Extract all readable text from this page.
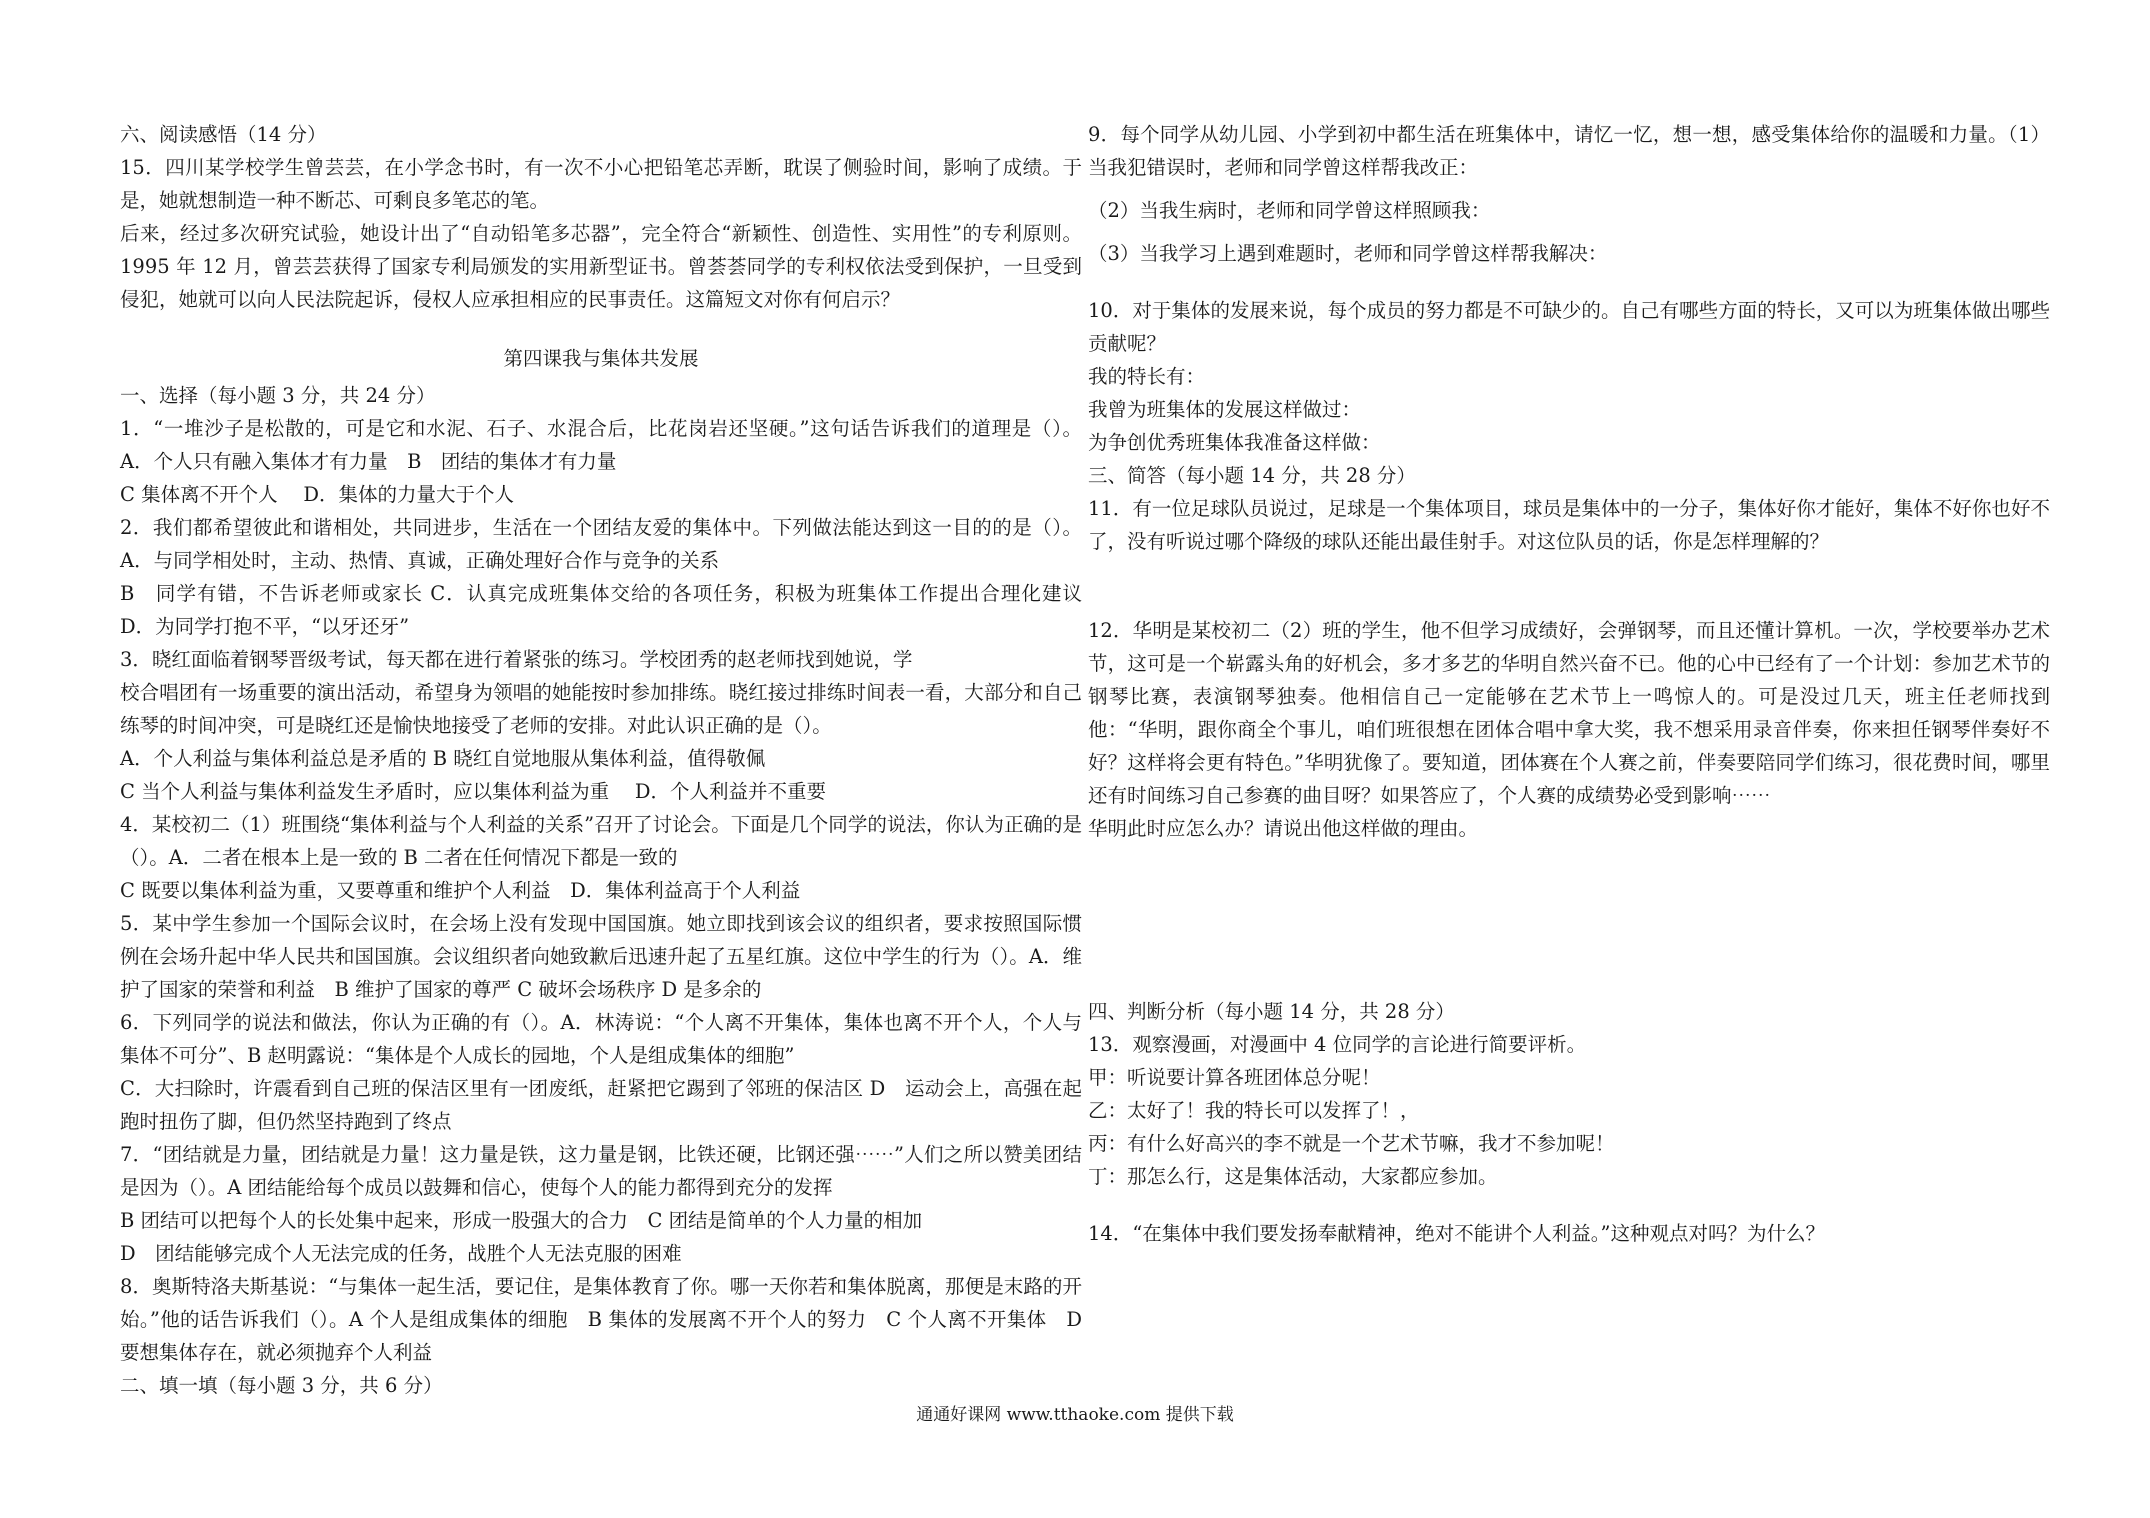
六、阅读感悟（14 分）

15．四川某学校学生曾芸芸，在小学念书时，有一次不小心把铅笔芯弄断，耽误了侧验时间，影响了成绩。于是，她就想制造一种不断芯、可剩良多笔芯的笔。

后来，经过多次研究试验，她设计出了“自动铅笔多芯器”，完全符合“新颖性、创造性、实用性”的专利原则。1995 年 12 月，曾芸芸获得了国家专利局颁发的实用新型证书。曾荟荟同学的专利权依法受到保护，一旦受到侵犯，她就可以向人民法院起诉，侵权人应承担相应的民事责任。这篇短文对你有何启示？

第四课我与集体共发展

一、选择（每小题 3 分，共 24 分）

1．“一堆沙子是松散的，可是它和水泥、石子、水混合后，比花岗岩还坚硬。”这句话告诉我们的道理是（）。A．个人只有融入集体才有力量　B　团结的集体才有力量

C 集体离不开个人　 D．集体的力量大于个人

2．我们都希望彼此和谐相处，共同进步，生活在一个团结友爱的集体中。下列做法能达到这一目的的是（）。A．与同学相处时，主动、热情、真诚，正确处理好合作与竞争的关系

B　同学有错，不告诉老师或家长 C．认真完成班集体交给的各项任务，积极为班集体工作提出合理化建议　D．为同学打抱不平，“以牙还牙”

3．晓红面临着钢琴晋级考试，每天都在进行着紧张的练习。学校团秀的赵老师找到她说，学

校合唱团有一场重要的演出活动，希望身为领唱的她能按时参加排练。晓红接过排练时间表一看，大部分和自己练琴的时间冲突，可是晓红还是愉快地接受了老师的安排。对此认识正确的是（）。

A．个人利益与集体利益总是矛盾的 B 晓红自觉地服从集体利益，值得敬佩

C 当个人利益与集体利益发生矛盾时，应以集体利益为重　 D．个人利益并不重要

4．某校初二（1）班围绕“集体利益与个人利益的关系”召开了讨论会。下面是几个同学的说法，你认为正确的是（）。A．二者在根本上是一致的 B 二者在任何情况下都是一致的

C 既要以集体利益为重，又要尊重和维护个人利益　D．集体利益高于个人利益

5．某中学生参加一个国际会议时，在会场上没有发现中国国旗。她立即找到该会议的组织者，要求按照国际惯例在会场升起中华人民共和国国旗。会议组织者向她致歉后迅速升起了五星红旗。这位中学生的行为（）。A．维护了国家的荣誉和利益　B 维护了国家的尊严 C 破坏会场秩序 D 是多余的

6．下列同学的说法和做法，你认为正确的有（）。A．林涛说：“个人离不开集体，集体也离不开个人，个人与集体不可分”、B 赵明露说：“集体是个人成长的园地，个人是组成集体的细胞”

C．大扫除时，许震看到自己班的保洁区里有一团废纸，赶紧把它踢到了邻班的保洁区 D　运动会上，高强在起跑时扭伤了脚，但仍然坚持跑到了终点

7．“团结就是力量，团结就是力量！这力量是铁，这力量是钢，比铁还硬，比钢还强⋯⋯”人们之所以赞美团结是因为（）。A 团结能给每个成员以鼓舞和信心，使每个人的能力都得到充分的发挥

B 团结可以把每个人的长处集中起来，形成一股强大的合力　C 团结是简单的个人力量的相加

D　团结能够完成个人无法完成的任务，战胜个人无法克服的困难

8．奥斯特洛夫斯基说：“与集体一起生活，要记住，是集体教育了你。哪一天你若和集体脱离，那便是末路的开始。”他的话告诉我们（）。A 个人是组成集体的细胞　B 集体的发展离不开个人的努力　C 个人离不开集体　D 要想集体存在，就必须抛弃个人利益

二、填一填（每小题 3 分，共 6 分）

9．每个同学从幼儿园、小学到初中都生活在班集体中，请忆一忆，想一想，感受集体给你的温暖和力量。（1）当我犯错误时，老师和同学曾这样帮我改正：

（2）当我生病时，老师和同学曾这样照顾我：

（3）当我学习上遇到难题时，老师和同学曾这样帮我解决：

10．对于集体的发展来说，每个成员的努力都是不可缺少的。自己有哪些方面的特长，又可以为班集体做出哪些贡献呢？

我的特长有：

我曾为班集体的发展这样做过：

为争创优秀班集体我准备这样做：

三、简答（每小题 14 分，共 28 分）

11．有一位足球队员说过，足球是一个集体项目，球员是集体中的一分子，集体好你才能好，集体不好你也好不了，没有听说过哪个降级的球队还能出最佳射手。对这位队员的话，你是怎样理解的？

12．华明是某校初二（2）班的学生，他不但学习成绩好，会弹钢琴，而且还懂计算机。一次，学校要举办艺术节，这可是一个崭露头角的好机会，多才多艺的华明自然兴奋不已。他的心中已经有了一个计划：参加艺术节的钢琴比赛，表演钢琴独奏。他相信自己一定能够在艺术节上一鸣惊人的。可是没过几天，班主任老师找到他：“华明，跟你商全个事儿，咱们班很想在团体合唱中拿大奖，我不想采用录音伴奏，你来担任钢琴伴奏好不好？这样将会更有特色。”华明犹像了。要知道，团体赛在个人赛之前，伴奏要陪同学们练习，很花费时间，哪里还有时间练习自己参赛的曲目呀？如果答应了，个人赛的成绩势必受到影响⋯⋯

华明此时应怎么办？请说出他这样做的理由。

四、判断分析（每小题 14 分，共 28 分）

13．观察漫画，对漫画中 4 位同学的言论进行简要评析。

甲：听说要计算各班团体总分呢！

乙：太好了！我的特长可以发挥了！，

丙：有什么好高兴的李不就是一个艺术节嘛，我才不参加呢！

丁：那怎么行，这是集体活动，大家都应参加。

14．“在集体中我们要发扬奉献精神，绝对不能讲个人利益。”这种观点对吗？为什么？

通通好课网 www.tthaoke.com 提供下载
